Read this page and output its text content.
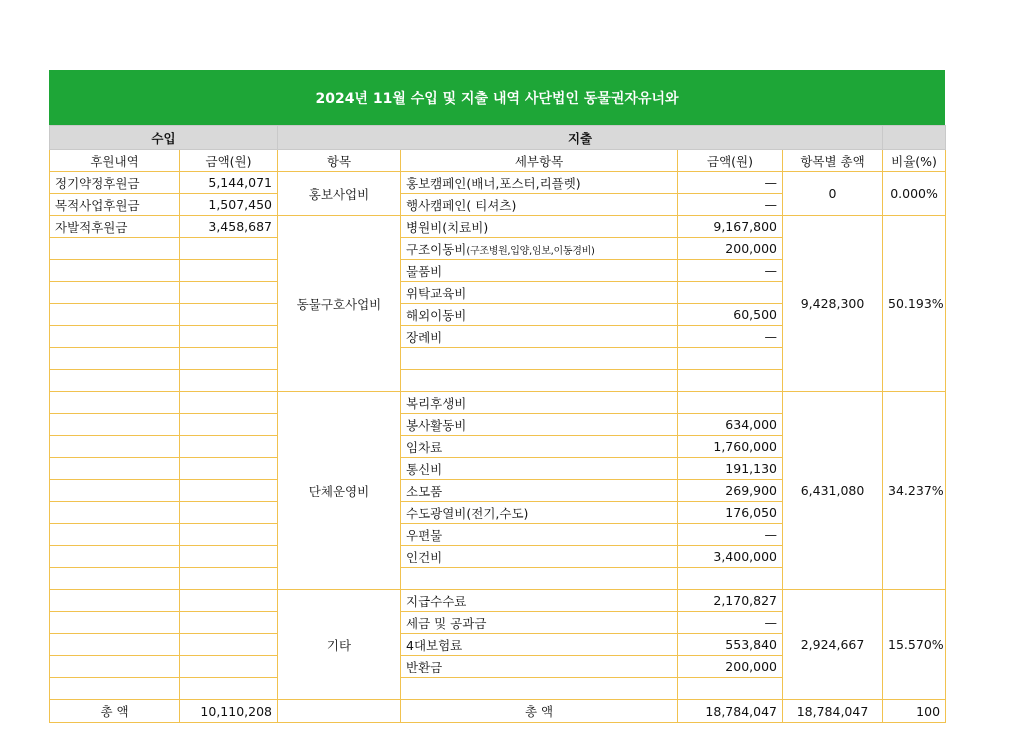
2024년 11월 수입 및 지출 내역 사단법인 동물권자유너와
수입		지출				
후원내역	금액(원)	항목	세부항목	금액(원)	항목별 총액	비율(%)
정기약정후원금	5,144,071	홍보사업비	홍보캠페인(배너,포스터,리플렛)	—	0	0.000%
목적사업후원금	1,507,450		행사캠페인( 티셔츠)	—		
자발적후원금	3,458,687	동물구호사업비	병원비(치료비)	9,167,800	9,428,300	50.193%
			구조이동비(구조병원,입양,임보,이동경비)	200,000		
			물품비	—		
			위탁교육비			
			해외이동비	60,500		
			장례비	—		

		단체운영비	복리후생비		6,431,080	34.237%
			봉사활동비	634,000		
			임차료	1,760,000		
			통신비	191,130		
			소모품	269,900		
			수도광열비(전기,수도)	176,050		
			우편물	—		
			인건비	3,400,000		

		기타	지급수수료	2,170,827	2,924,667	15.570%
			세금 및 공과금	—		
			4대보험료	553,840		
			반환금	200,000		

총 액	10,110,208		총 액	18,784,047	18,784,047	100
